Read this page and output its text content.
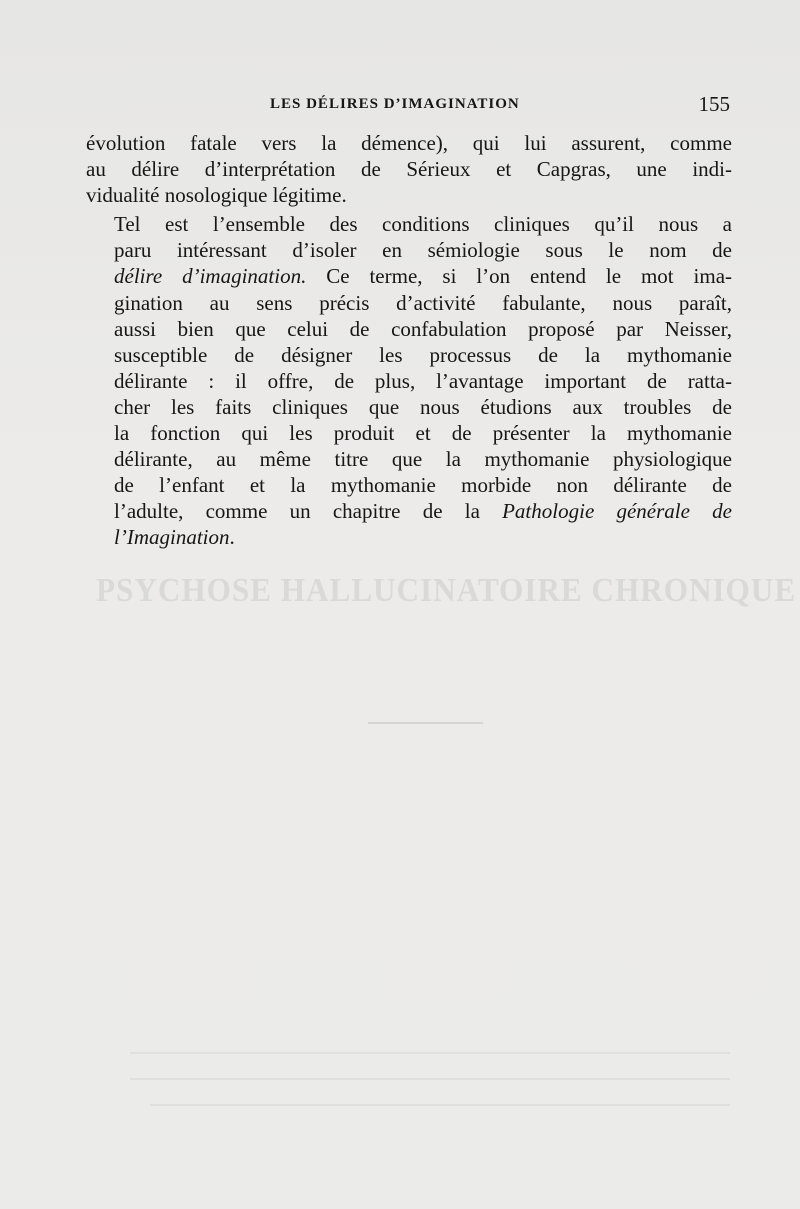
LES DÉLIRES D’IMAGINATION	155

évolution fatale vers la démence), qui lui assurent, comme
au délire d’interprétation de Sérieux et Capgras, une indi-
vidualité nosologique légitime.

Tel est l’ensemble des conditions cliniques qu’il nous a
paru intéressant d’isoler en sémiologie sous le nom de
délire d’imagination. Ce terme, si l’on entend le mot ima-
gination au sens précis d’activité fabulante, nous paraît,
aussi bien que celui de confabulation proposé par Neisser,
susceptible de désigner les processus de la mythomanie
délirante : il offre, de plus, l’avantage important de ratta-
cher les faits cliniques que nous étudions aux troubles de
la fonction qui les produit et de présenter la mythomanie
délirante, au même titre que la mythomanie physiologique
de l’enfant et la mythomanie morbide non délirante de
l’adulte, comme un chapitre de la Pathologie générale de
l’Imagination.

PSYCHOSE HALLUCINATOIRE CHRONIQUE
